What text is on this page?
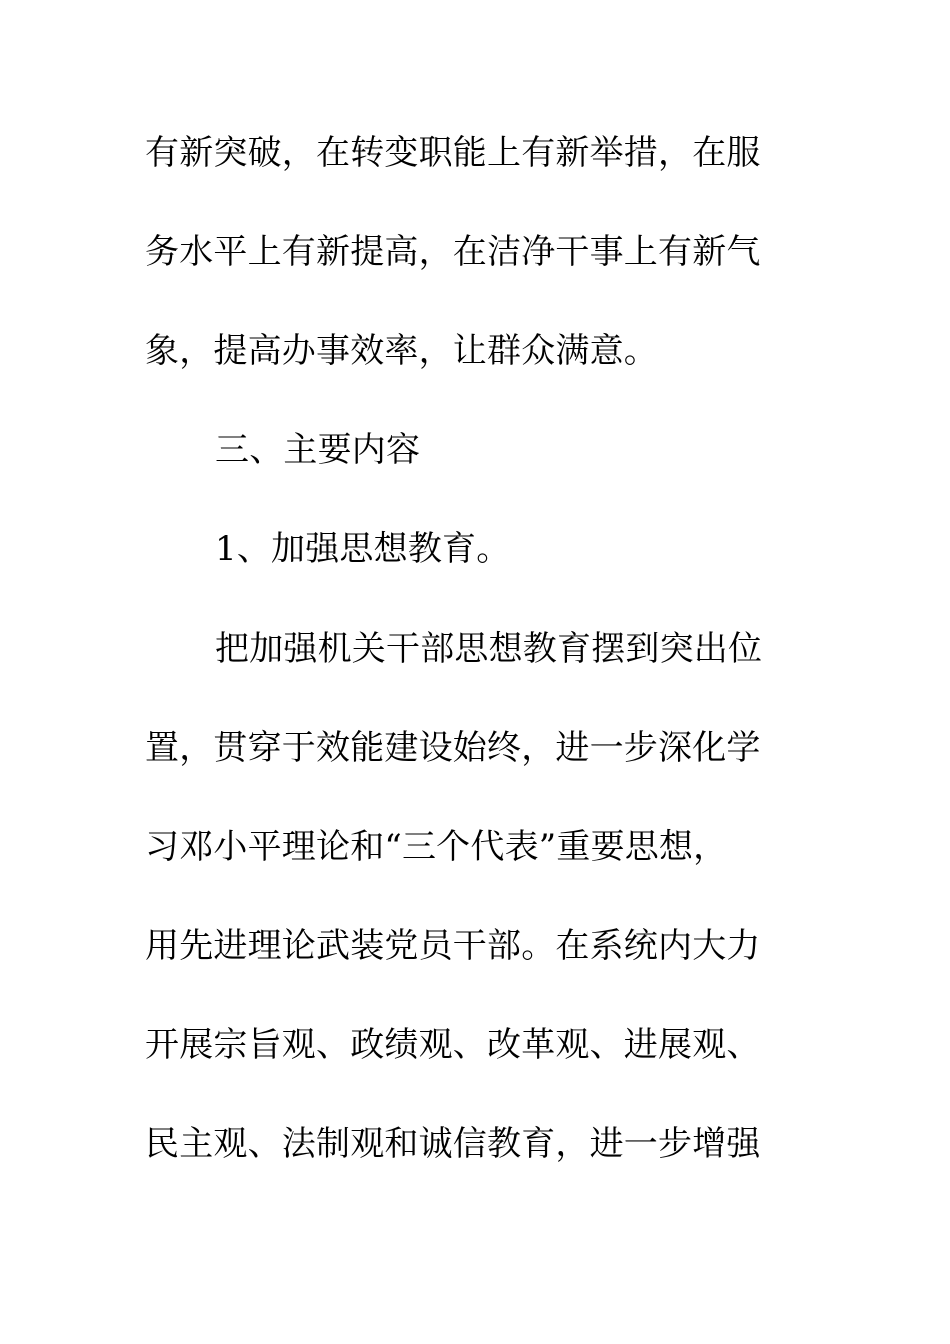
有新突破，在转变职能上有新举措，在服
务水平上有新提高，在洁净干事上有新气
象，提高办事效率，让群众满意。
三、主要内容
1、加强思想教育。
把加强机关干部思想教育摆到突出位
置，贯穿于效能建设始终，进一步深化学
习邓小平理论和“三个代表”重要思想，
用先进理论武装党员干部。在系统内大力
开展宗旨观、政绩观、改革观、进展观、
民主观、法制观和诚信教育，进一步增强
